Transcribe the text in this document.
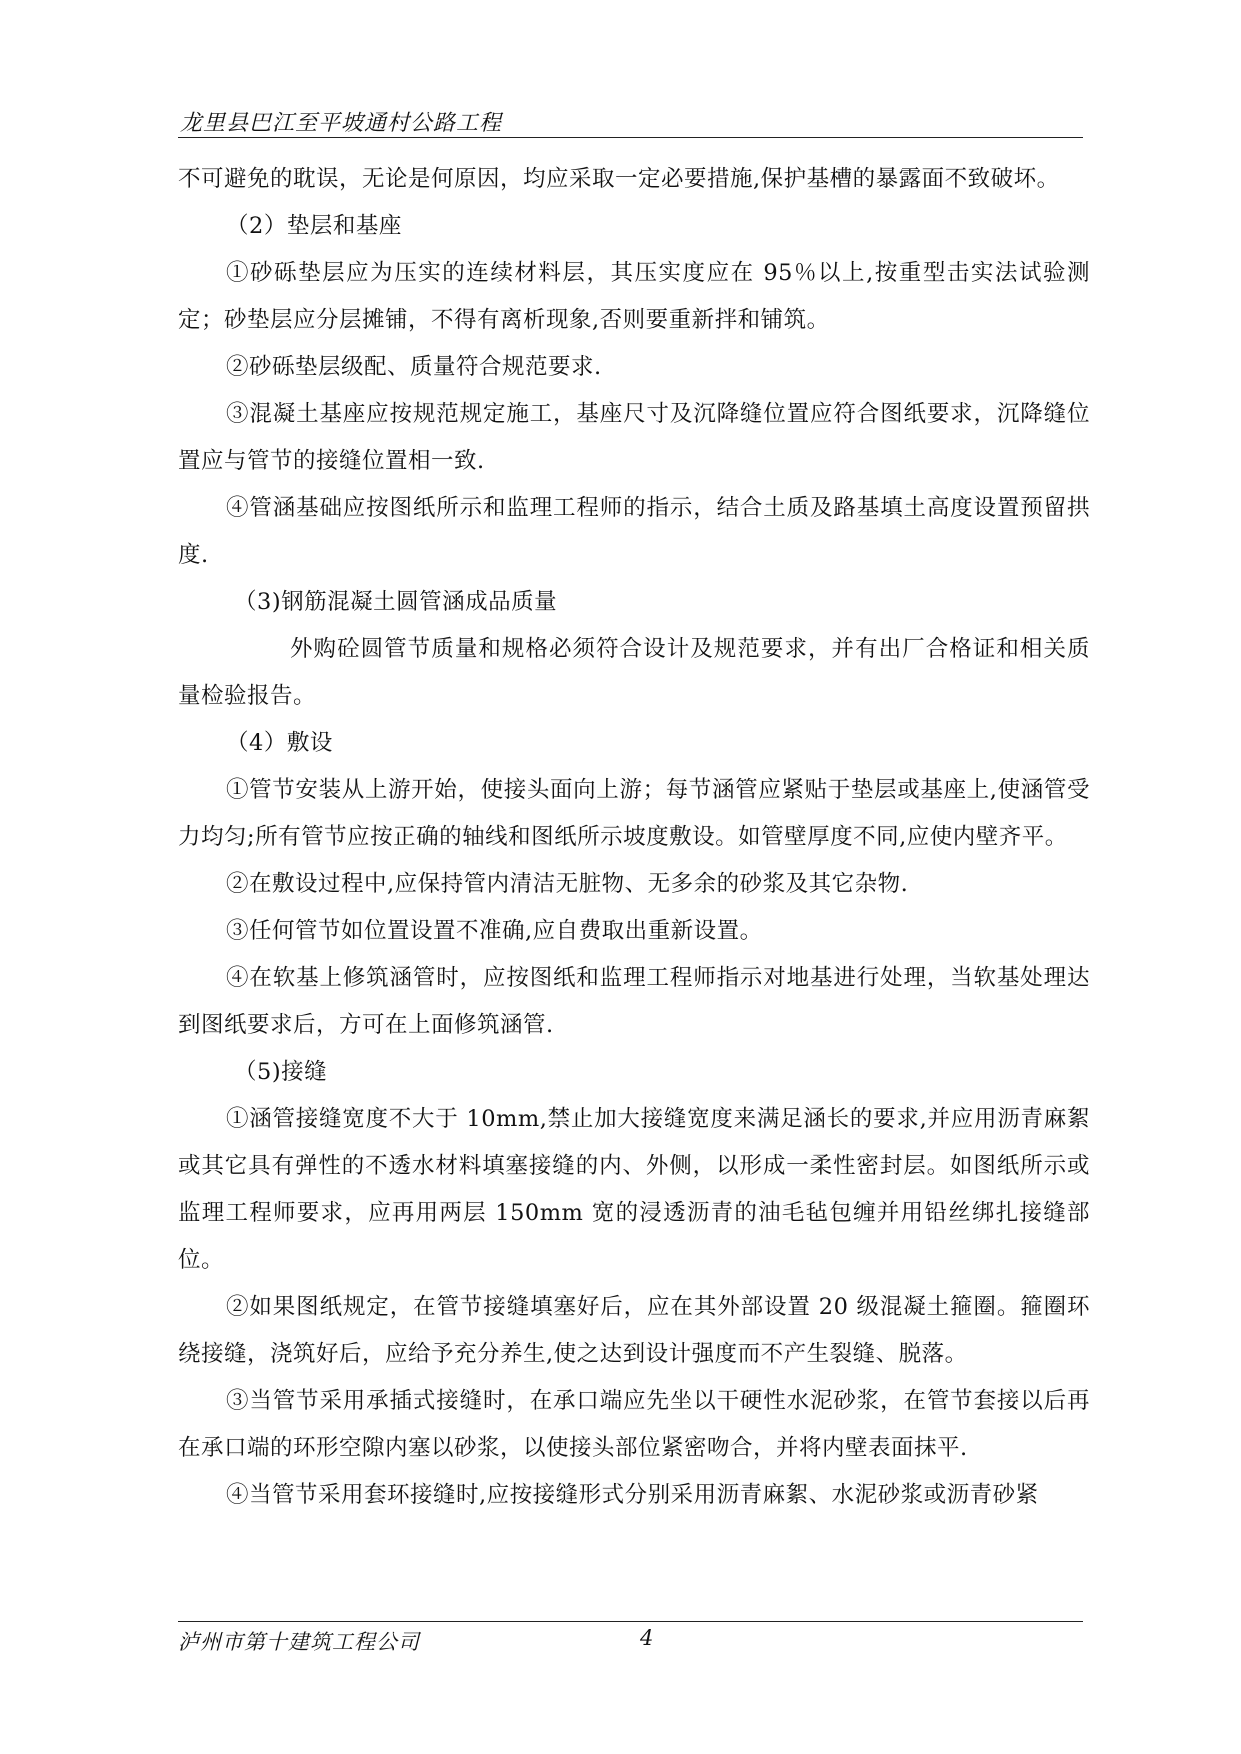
龙里县巴江至平坡通村公路工程

不可避免的耽误，无论是何原因，均应采取一定必要措施,保护基槽的暴露面不致破坏。

（2）垫层和基座

①砂砾垫层应为压实的连续材料层，其压实度应在 95％以上,按重型击实法试验测定；砂垫层应分层摊铺，不得有离析现象,否则要重新拌和铺筑。

②砂砾垫层级配、质量符合规范要求.

③混凝土基座应按规范规定施工，基座尺寸及沉降缝位置应符合图纸要求，沉降缝位置应与管节的接缝位置相一致.

④管涵基础应按图纸所示和监理工程师的指示，结合土质及路基填土高度设置预留拱度.

（3)钢筋混凝土圆管涵成品质量

外购砼圆管节质量和规格必须符合设计及规范要求，并有出厂合格证和相关质量检验报告。

（4）敷设

①管节安装从上游开始，使接头面向上游；每节涵管应紧贴于垫层或基座上,使涵管受力均匀;所有管节应按正确的轴线和图纸所示坡度敷设。如管壁厚度不同,应使内壁齐平。

②在敷设过程中,应保持管内清洁无脏物、无多余的砂浆及其它杂物.

③任何管节如位置设置不准确,应自费取出重新设置。

④在软基上修筑涵管时，应按图纸和监理工程师指示对地基进行处理，当软基处理达到图纸要求后，方可在上面修筑涵管.

（5)接缝

①涵管接缝宽度不大于 10mm,禁止加大接缝宽度来满足涵长的要求,并应用沥青麻絮或其它具有弹性的不透水材料填塞接缝的内、外侧，以形成一柔性密封层。如图纸所示或监理工程师要求，应再用两层 150mm 宽的浸透沥青的油毛毡包缠并用铅丝绑扎接缝部位。

②如果图纸规定，在管节接缝填塞好后，应在其外部设置 20 级混凝土箍圈。箍圈环绕接缝，浇筑好后，应给予充分养生,使之达到设计强度而不产生裂缝、脱落。

③当管节采用承插式接缝时，在承口端应先坐以干硬性水泥砂浆，在管节套接以后再在承口端的环形空隙内塞以砂浆，以使接头部位紧密吻合，并将内壁表面抹平.

④当管节采用套环接缝时,应按接缝形式分别采用沥青麻絮、水泥砂浆或沥青砂紧

泸州市第十建筑工程公司	4
